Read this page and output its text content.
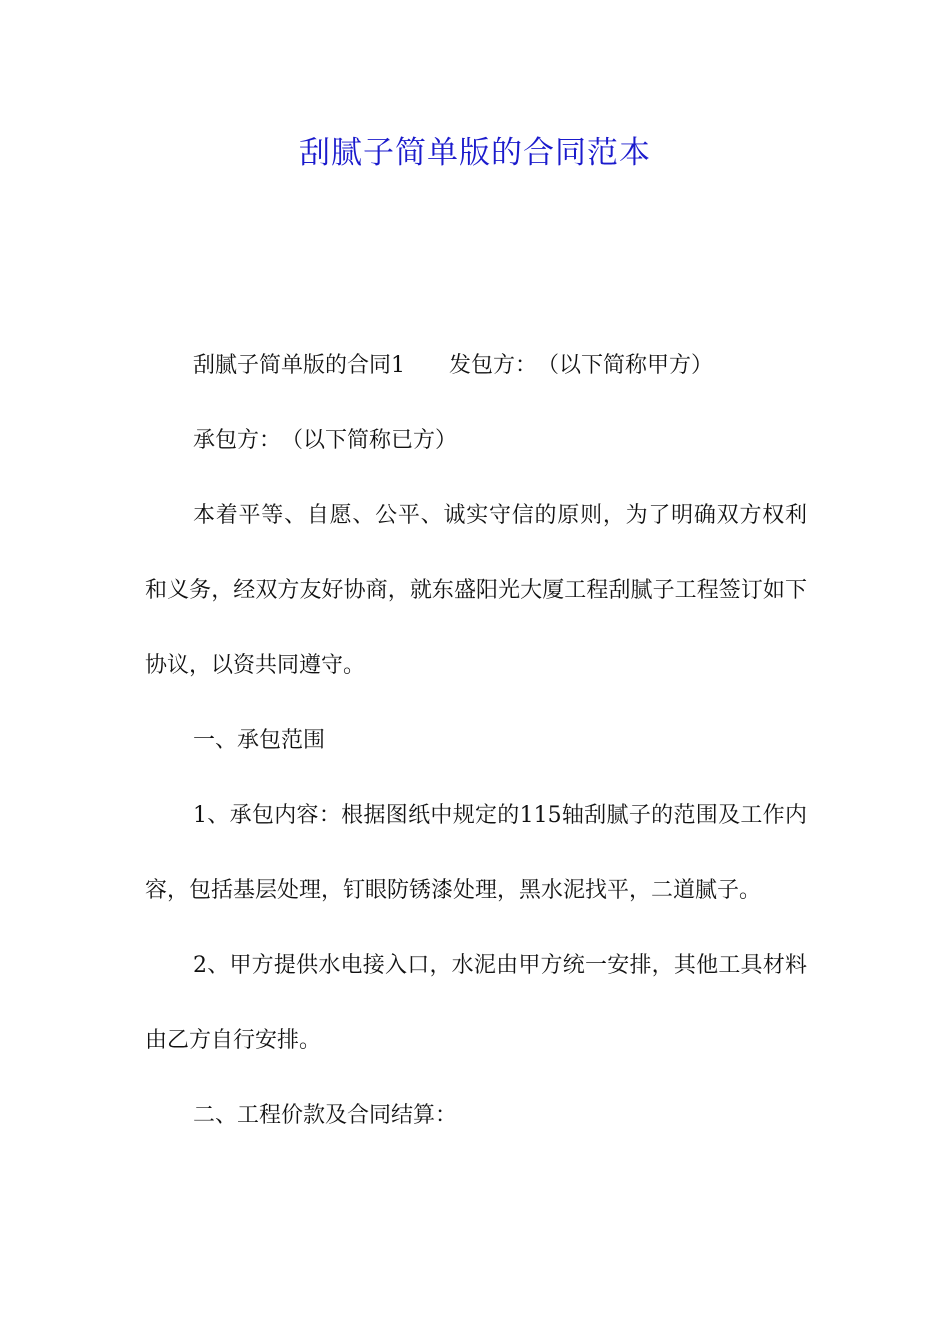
刮腻子简单版的合同范本

刮腻子简单版的合同1 发包方：　（以下简称甲方）

承包方：　（以下简称已方）

本着平等、自愿、公平、诚实守信的原则，为了明确双方权利和义务，经双方友好协商，就东盛阳光大厦工程刮腻子工程签订如下协议，以资共同遵守。

一、承包范围

1、承包内容：根据图纸中规定的115轴刮腻子的范围及工作内容，包括基层处理，钉眼防锈漆处理，黑水泥找平，二道腻子。

2、甲方提供水电接入口，水泥由甲方统一安排，其他工具材料由乙方自行安排。

二、工程价款及合同结算：
